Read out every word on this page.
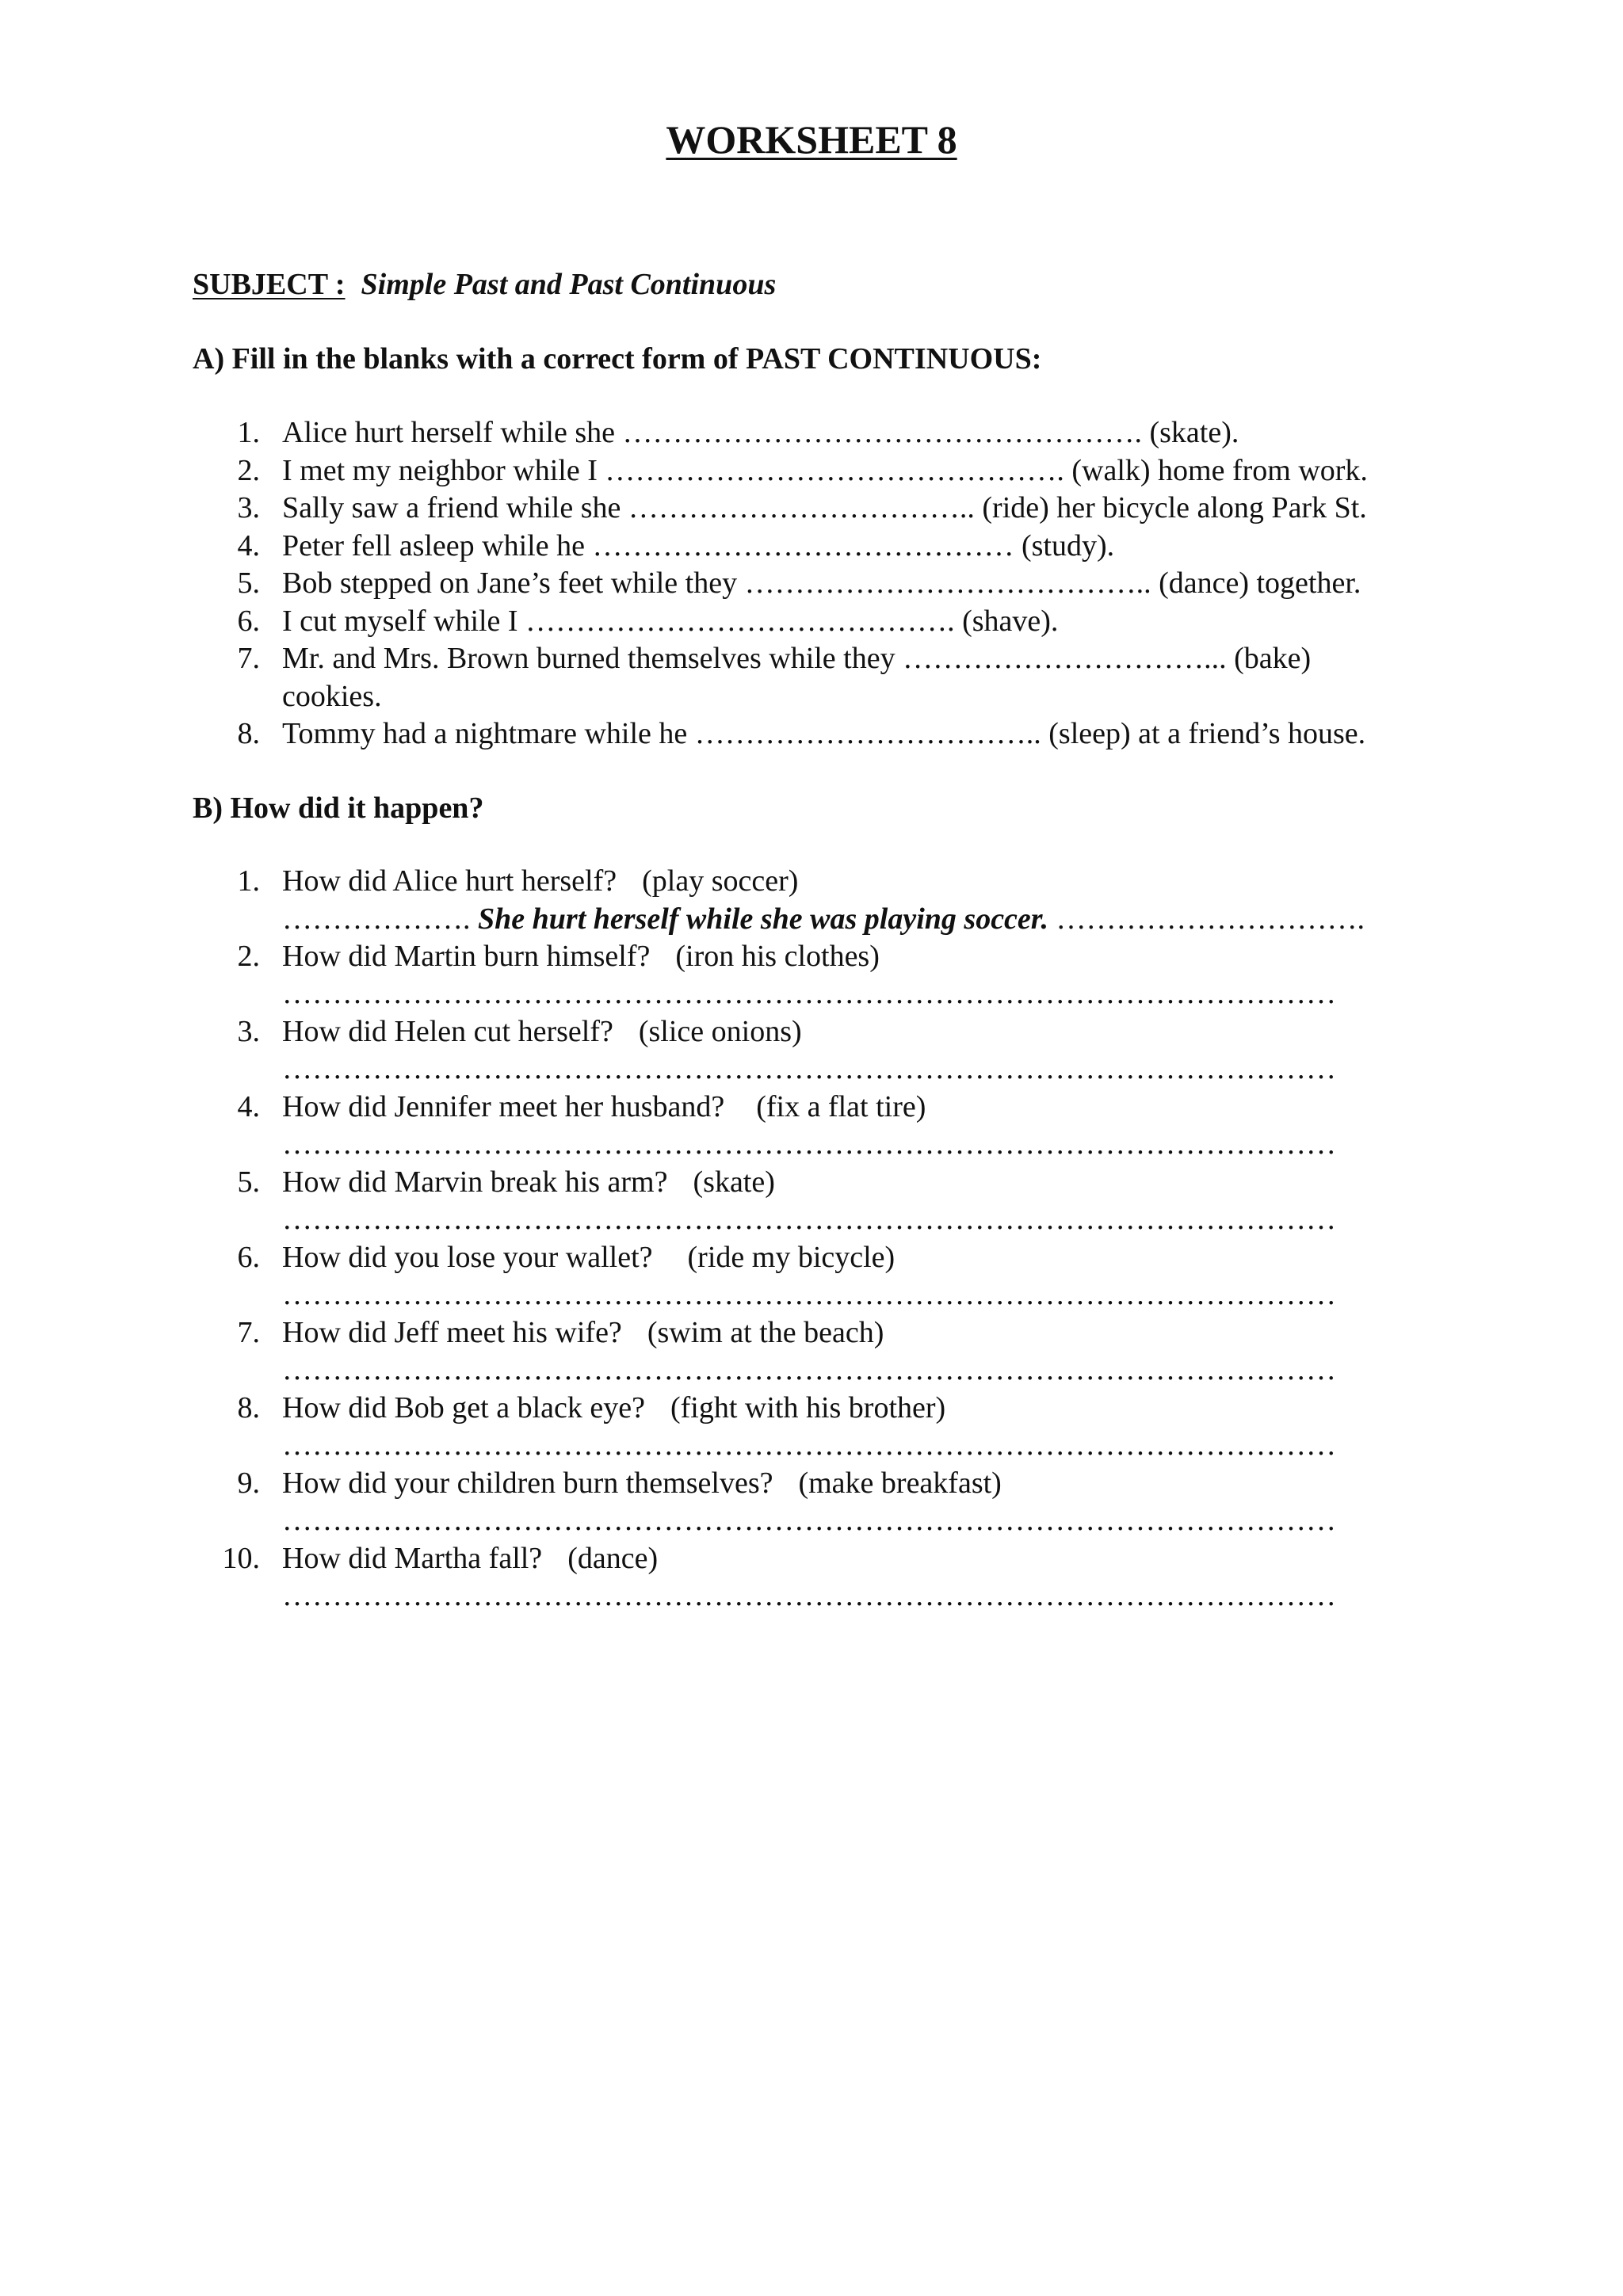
WORKSHEET 8
SUBJECT : Simple Past and Past Continuous
A) Fill in the blanks with a correct form of PAST CONTINUOUS:
1. Alice hurt herself while she ……………………………………………. (skate).
2. I met my neighbor while I ………………………………………. (walk) home from work.
3. Sally saw a friend while she …………………………….. (ride) her bicycle along Park St.
4. Peter fell asleep while he …………………………………… (study).
5. Bob stepped on Jane’s feet while they ………………………………….. (dance) together.
6. I cut myself while I ……………………………………. (shave).
7. Mr. and Mrs. Brown burned themselves while they …………………………... (bake)
cookies.
8. Tommy had a nightmare while he …………………………….. (sleep) at a friend’s house.
B) How did it happen?
1. How did Alice hurt herself? (play soccer)
………………. She hurt herself while she was playing soccer. ………………………….
2. How did Martin burn himself? (iron his clothes)
……………………………………………………………………………………………
3. How did Helen cut herself? (slice onions)
……………………………………………………………………………………………
4. How did Jennifer meet her husband? (fix a flat tire)
……………………………………………………………………………………………
5. How did Marvin break his arm? (skate)
……………………………………………………………………………………………
6. How did you lose your wallet? (ride my bicycle)
……………………………………………………………………………………………
7. How did Jeff meet his wife? (swim at the beach)
……………………………………………………………………………………………
8. How did Bob get a black eye? (fight with his brother)
……………………………………………………………………………………………
9. How did your children burn themselves? (make breakfast)
……………………………………………………………………………………………
10. How did Martha fall? (dance)
……………………………………………………………………………………………
